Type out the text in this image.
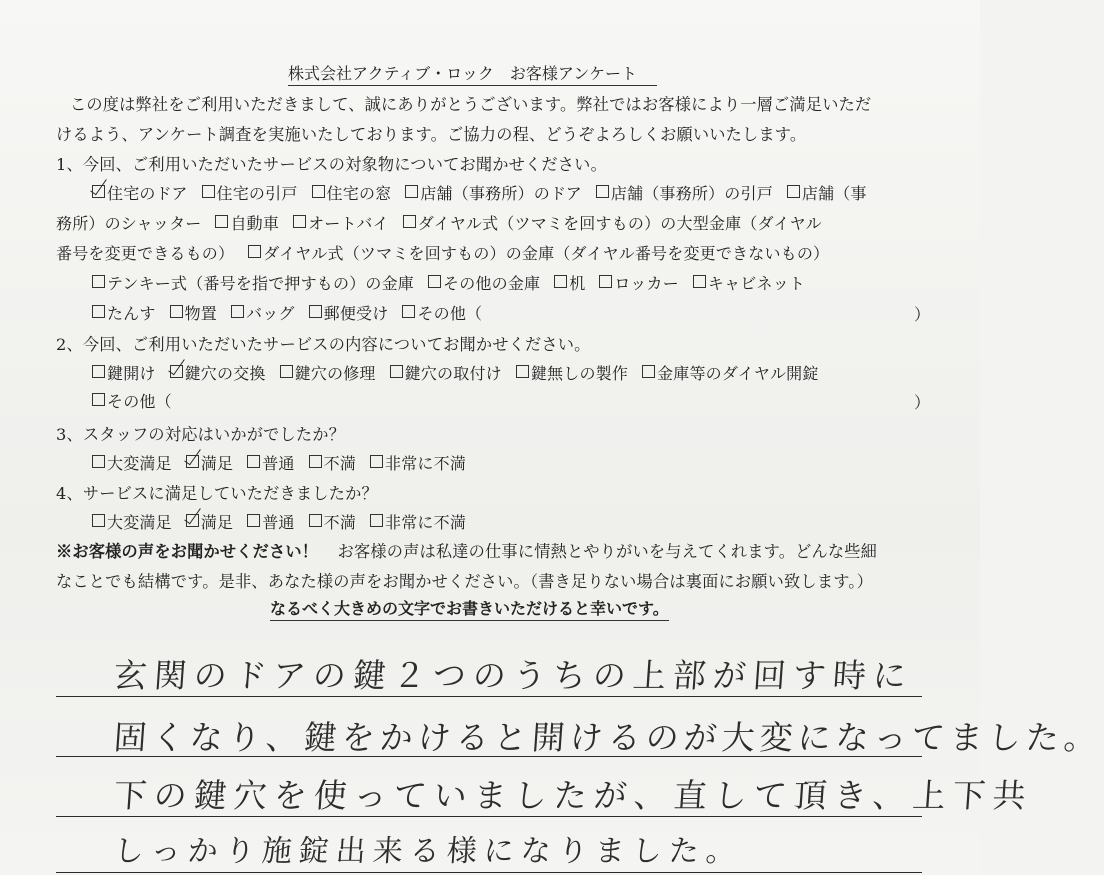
株式会社アクティブ・ロック　お客様アンケート
この度は弊社をご利用いただきまして、誠にありがとうございます。弊社ではお客様により一層ご満足いただ
けるよう、アンケート調査を実施いたしております。ご協力の程、どうぞよろしくお願いいたします。
1、今回、ご利用いただいたサービスの対象物についてお聞かせください。
住宅のドア 住宅の引戸 住宅の窓 店舗（事務所）のドア 店舗（事務所）の引戸 店舗（事
務所）のシャッター 自動車 オートバイ ダイヤル式（ツマミを回すもの）の大型金庫（ダイヤル
番号を変更できるもの） ダイヤル式（ツマミを回すもの）の金庫（ダイヤル番号を変更できないもの）
テンキー式（番号を指で押すもの）の金庫 その他の金庫 机 ロッカー キャビネット
たんす 物置 バッグ 郵便受け その他（	）
2、今回、ご利用いただいたサービスの内容についてお聞かせください。
鍵開け 鍵穴の交換 鍵穴の修理 鍵穴の取付け 鍵無しの製作 金庫等のダイヤル開錠
その他（	）
3、スタッフの対応はいかがでしたか？
大変満足 満足 普通 不満 非常に不満
4、サービスに満足していただきましたか？
大変満足 満足 普通 不満 非常に不満
※お客様の声をお聞かせください！ お客様の声は私達の仕事に情熱とやりがいを与えてくれます。どんな些細
なことでも結構です。是非、あなた様の声をお聞かせください。（書き足りない場合は裏面にお願い致します。）
なるべく大きめの文字でお書きいただけると幸いです。
玄関のドアの鍵２つのうちの上部が回す時に
固くなり、鍵をかけると開けるのが大変になってました。
下の鍵穴を使っていましたが、直して頂き、上下共
しっかり施錠出来る様になりました。
